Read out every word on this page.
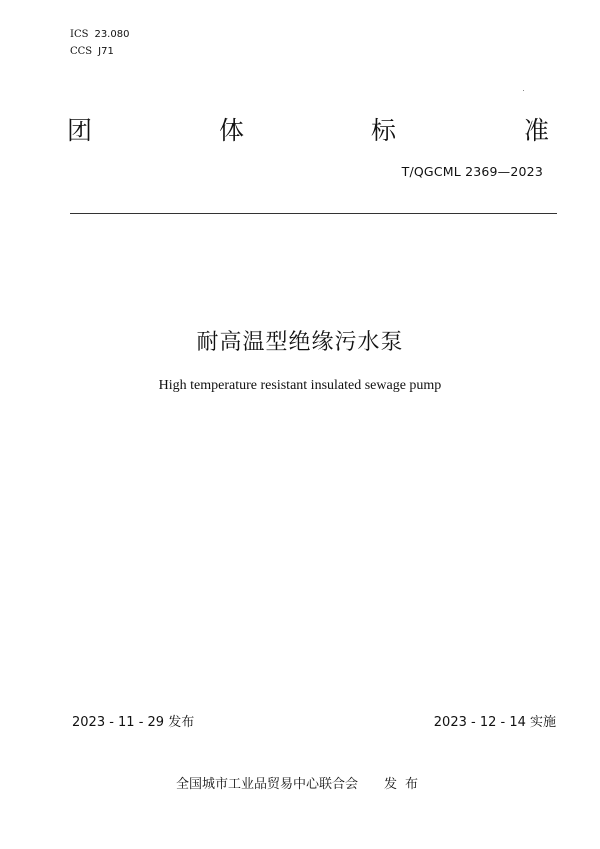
ICS 23.080
CCS J71
团	体	标	准
T/QGCML 2369—2023
耐高温型绝缘污水泵
High temperature resistant insulated sewage pump
2023 - 11 - 29 发布	2023 - 12 - 14 实施
全国城市工业品贸易中心联合会 发布
